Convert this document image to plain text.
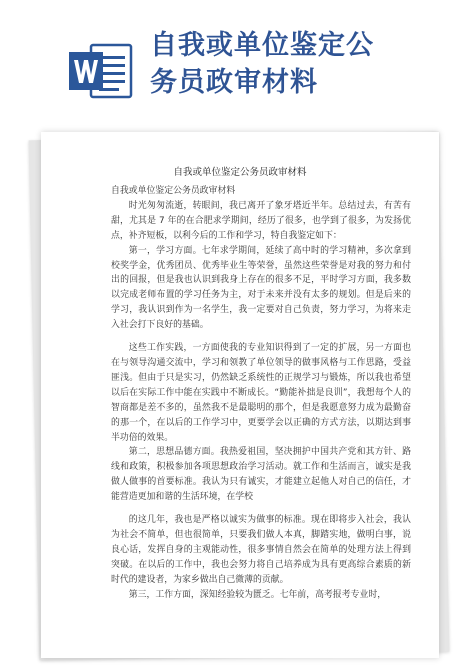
自我或单位鉴定公
务员政审材料
自我或单位鉴定公务员政审材料

自我或单位鉴定公务员政审材料

时光匆匆流逝，转眼间，我已离开了象牙塔近半年。总结过去，有苦有甜，尤其是 7 年的在合肥求学期间，经历了很多，也学到了很多，为发扬优点，补齐短板，以利今后的工作和学习，特自我鉴定如下：

第一，学习方面。七年求学期间，延续了高中时的学习精神，多次拿到校奖学金，优秀团员、优秀毕业生等荣誉，虽然这些荣誉是对我的努力和付出的回报，但是我也认识到我身上存在的很多不足，平时学习方面，我多数以完成老师布置的学习任务为主，对于未来并没有太多的规划。但是后来的学习，我认识到作为一名学生，我一定要对自己负责，努力学习，为将来走入社会打下良好的基础。

这些工作实践，一方面使我的专业知识得到了一定的扩展，另一方面也在与领导沟通交流中，学习和领教了单位领导的做事风格与工作思路，受益匪浅。但由于只是实习，仍然缺乏系统性的正规学习与锻炼，所以我也希望以后在实际工作中能在实践中不断成长。“勤能补拙是良训”，我想每个人的智商都是差不多的，虽然我不是最聪明的那个，但是我愿意努力成为最勤奋的那一个，在以后的工作学习中，更要学会以正确的方式方法，以期达到事半功倍的效果。

第二，思想品德方面。我热爱祖国，坚决拥护中国共产党和其方针、路线和政策，积极参加各项思想政治学习活动。就工作和生活而言，诚实是我做人做事的首要标准。我认为只有诚实，才能建立起他人对自己的信任，才能营造更加和谐的生活环境，在学校

的这几年，我也是严格以诚实为做事的标准。现在即将步入社会，我认为社会不简单，但也很简单，只要我们做人本真，脚踏实地，做明白事，说良心话，发挥自身的主观能动性，很多事情自然会在简单的处理方法上得到突破。在以后的工作中，我也会努力将自己培养成为具有更高综合素质的新时代的建设者，为家乡做出自己微薄的贡献。

第三，工作方面，深知经验较为匮乏。七年前，高考报考专业时，
